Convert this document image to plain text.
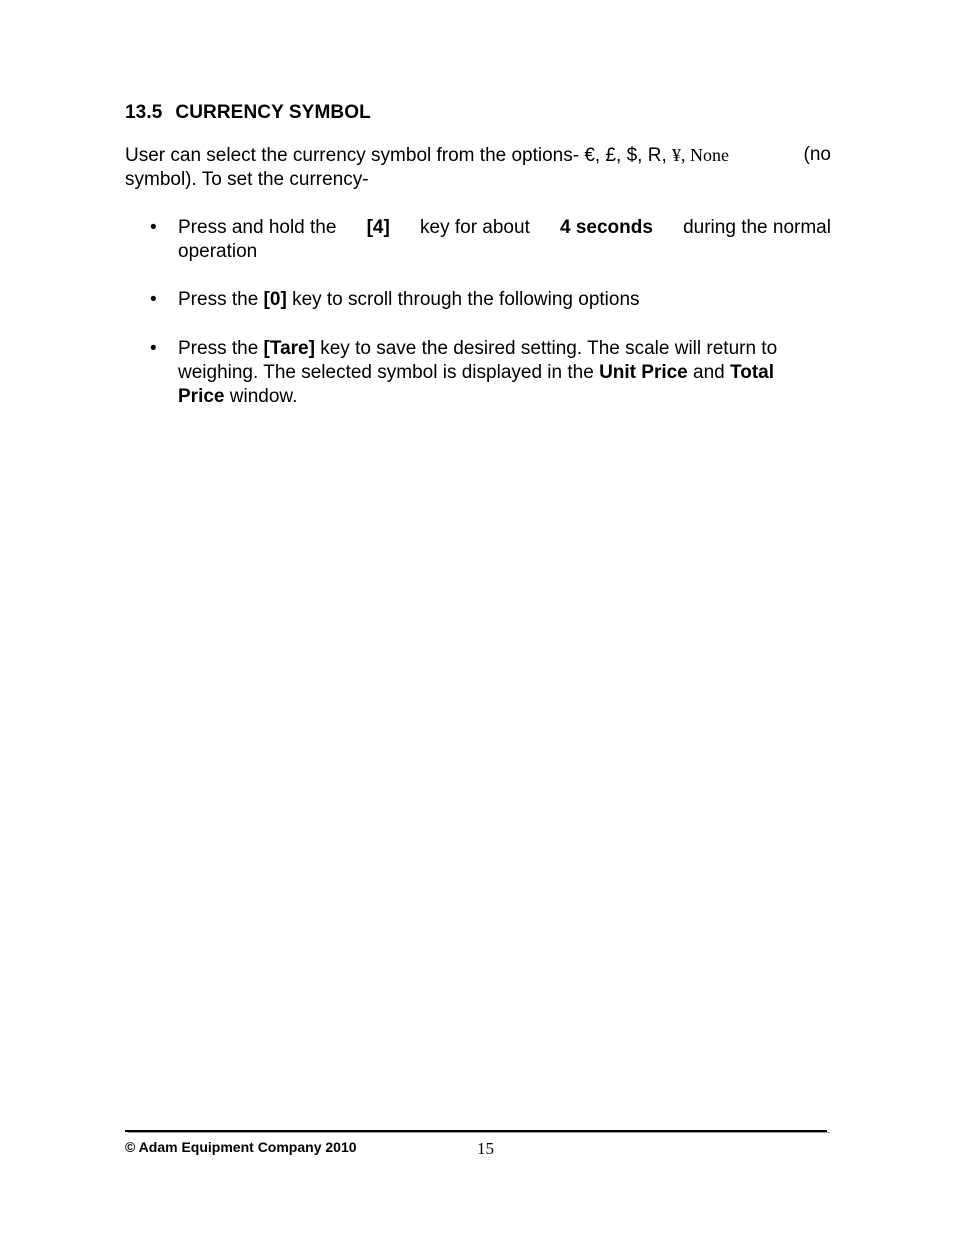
13.5 CURRENCY SYMBOL
User can select the currency symbol from the options- €, £, $, R, ¥, None	(no
symbol). To set the currency-
• Press and hold the [4] key for about 4 seconds during the normal
operation
• Press the [0] key to scroll through the following options
• Press the [Tare] key to save the desired setting. The scale will return to
weighing. The selected symbol is displayed in the Unit Price and Total
Price window.
© Adam Equipment Company 2010	15
